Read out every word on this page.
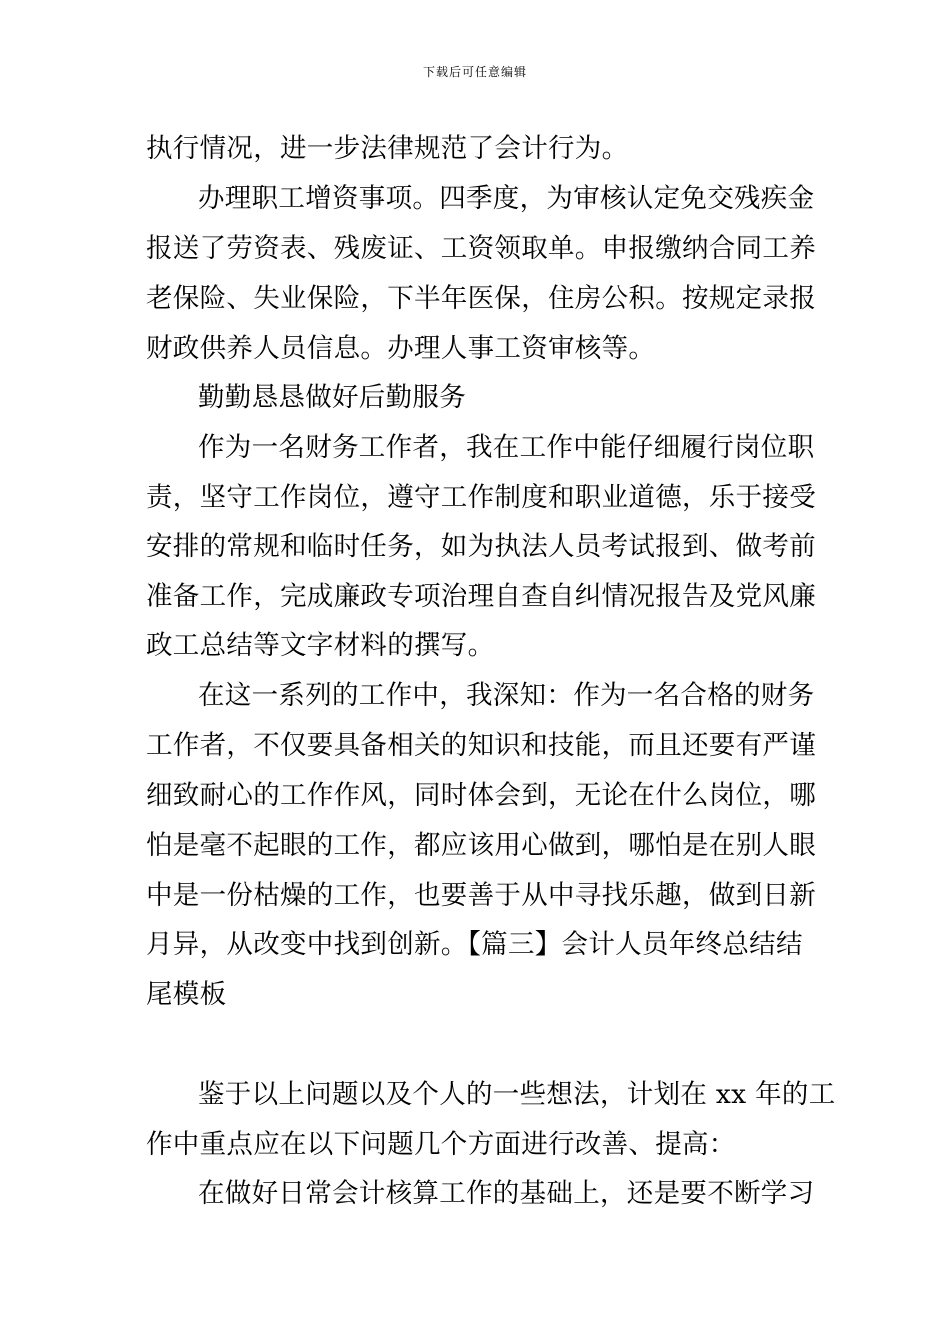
下载后可任意编辑
执行情况，进一步法律规范了会计行为。
办理职工增资事项。四季度，为审核认定免交残疾金
报送了劳资表、残废证、工资领取单。申报缴纳合同工养
老保险、失业保险，下半年医保，住房公积。按规定录报
财政供养人员信息。办理人事工资审核等。
勤勤恳恳做好后勤服务
作为一名财务工作者，我在工作中能仔细履行岗位职
责，坚守工作岗位，遵守工作制度和职业道德，乐于接受
安排的常规和临时任务，如为执法人员考试报到、做考前
准备工作，完成廉政专项治理自查自纠情况报告及党风廉
政工总结等文字材料的撰写。
在这一系列的工作中，我深知：作为一名合格的财务
工作者，不仅要具备相关的知识和技能，而且还要有严谨
细致耐心的工作作风，同时体会到，无论在什么岗位，哪
怕是毫不起眼的工作，都应该用心做到，哪怕是在别人眼
中是一份枯燥的工作，也要善于从中寻找乐趣，做到日新
月异，从改变中找到创新。【篇三】会计人员年终总结结
尾模板
鉴于以上问题以及个人的一些想法，计划在 xx 年的工
作中重点应在以下问题几个方面进行改善、提高：
在做好日常会计核算工作的基础上，还是要不断学习
